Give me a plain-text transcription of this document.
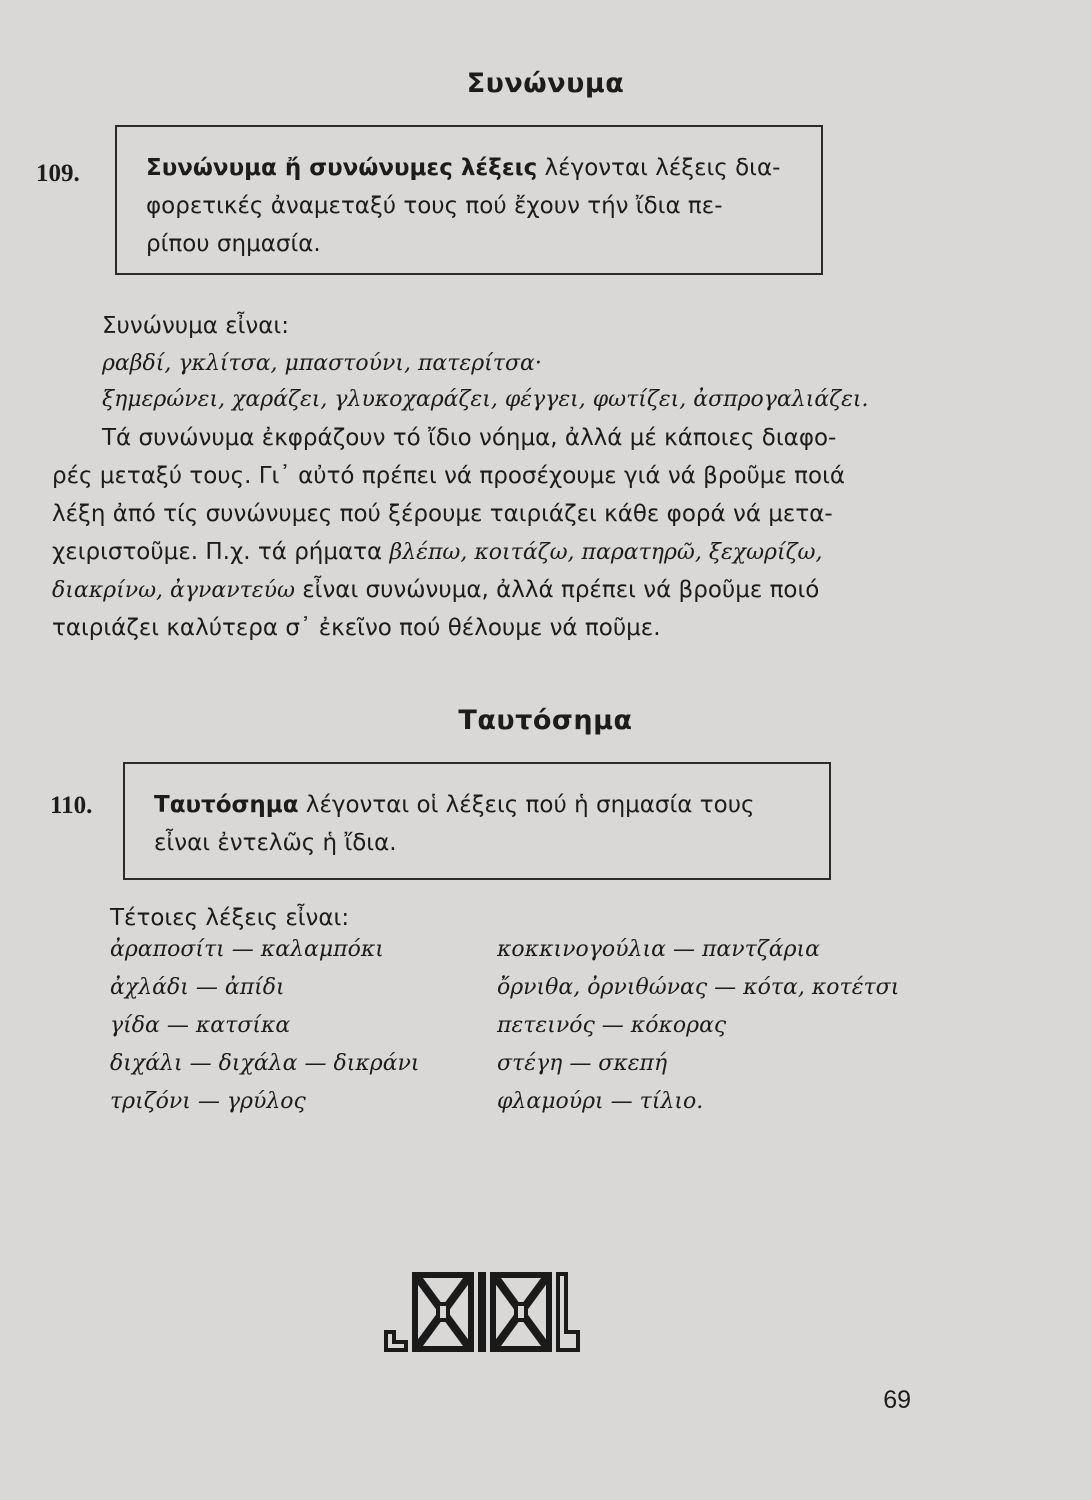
Συνώνυμα
109.	Συνώνυμα ἤ συνώνυμες λέξεις λέγονται λέξεις δια-
φορετικές ἀναμεταξύ τους πού ἔχουν τήν ἴδια πε-
ρίπου σημασία.
Συνώνυμα εἶναι:
ραβδί, γκλίτσα, μπαστούνι, πατερίτσα·
ξημερώνει, χαράζει, γλυκοχαράζει, φέγγει, φωτίζει, ἀσπρογαλιάζει.
Τά συνώνυμα ἐκφράζουν τό ἴδιο νόημα, ἀλλά μέ κάποιες διαφο-
ρές μεταξύ τους. Γι᾿ αὐτό πρέπει νά προσέχουμε γιά νά βροῦμε ποιά
λέξη ἀπό τίς συνώνυμες πού ξέρουμε ταιριάζει κάθε φορά νά μετα-
χειριστοῦμε. Π.χ. τά ρήματα βλέπω, κοιτάζω, παρατηρῶ, ξεχωρίζω,
διακρίνω, ἀγναντεύω εἶναι συνώνυμα, ἀλλά πρέπει νά βροῦμε ποιό
ταιριάζει καλύτερα σ᾿ ἐκεῖνο πού θέλουμε νά ποῦμε.
Ταυτόσημα
110.	Ταυτόσημα λέγονται οἱ λέξεις πού ἡ σημασία τους
εἶναι ἐντελῶς ἡ ἴδια.
Τέτοιες λέξεις εἶναι:
ἀραποσίτι — καλαμπόκι
ἀχλάδι — ἀπίδι
γίδα — κατσίκα
διχάλι — διχάλα — δικράνι
τριζόνι — γρύλος
κοκκινογούλια — παντζάρια
ὄρνιθα, ὀρνιθώνας — κότα, κοτέτσι
πετεινός — κόκορας
στέγη — σκεπή
φλαμούρι — τίλιο.
69
